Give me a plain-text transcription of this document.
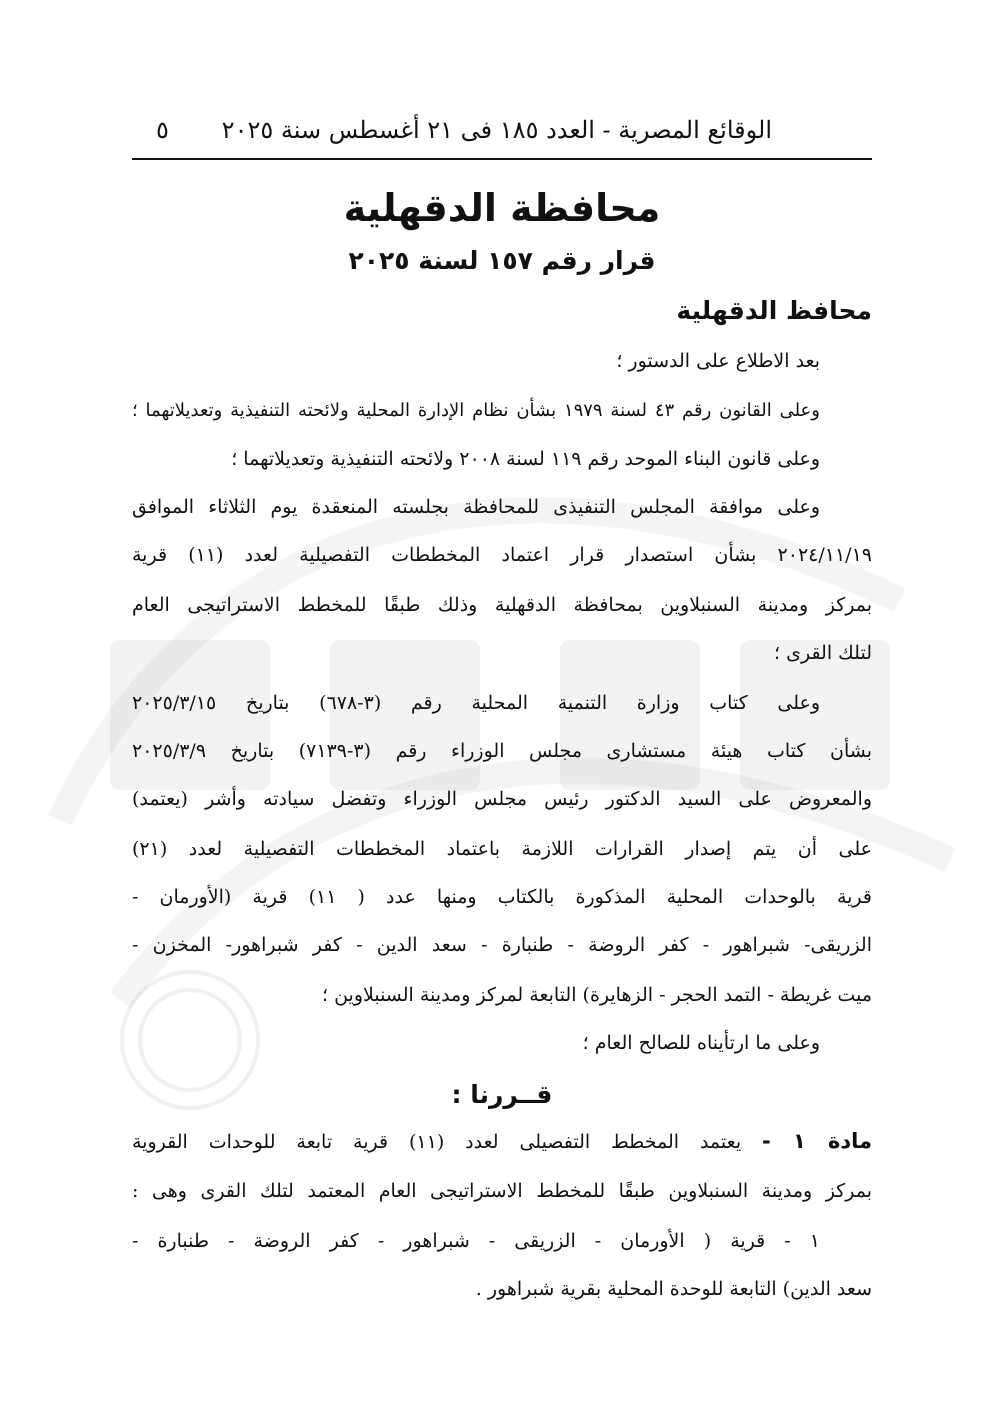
الوقائع المصرية - العدد ١٨٥ فى ٢١ أغسطس سنة ٢٠٢٥
٥
محافظة الدقهلية
قرار رقم ١٥٧ لسنة ٢٠٢٥
محافظ الدقهلية
بعد الاطلاع على الدستور ؛
وعلى القانون رقم ٤٣ لسنة ١٩٧٩ بشأن نظام الإدارة المحلية ولائحته التنفيذية وتعديلاتهما ؛
وعلى قانون البناء الموحد رقم ١١٩ لسنة ٢٠٠٨ ولائحته التنفيذية وتعديلاتهما ؛
وعلى موافقة المجلس التنفيذى للمحافظة بجلسته المنعقدة يوم الثلاثاء الموافق
٢٠٢٤/١١/١٩ بشأن استصدار قرار اعتماد المخططات التفصيلية لعدد (١١) قرية
بمركز ومدينة السنبلاوين بمحافظة الدقهلية وذلك طبقًا للمخطط الاستراتيجى العام
لتلك القرى ؛
وعلى كتاب وزارة التنمية المحلية رقم (٣-٦٧٨) بتاريخ ٢٠٢٥/٣/١٥
بشأن كتاب هيئة مستشارى مجلس الوزراء رقم (٣-٧١٣٩) بتاريخ ٢٠٢٥/٣/٩
والمعروض على السيد الدكتور رئيس مجلس الوزراء وتفضل سيادته وأشر (يعتمد)
على أن يتم إصدار القرارات اللازمة باعتماد المخططات التفصيلية لعدد (٢١)
قرية بالوحدات المحلية المذكورة بالكتاب ومنها عدد ( ١١) قرية (الأورمان -
الزريقى- شبراهور - كفر الروضة - طنبارة - سعد الدين - كفر شبراهور- المخزن -
ميت غريطة - التمد الحجر - الزهايرة) التابعة لمركز ومدينة السنبلاوين ؛
وعلى ما ارتأيناه للصالح العام ؛
قــررنا :
مادة ١ - يعتمد المخطط التفصيلى لعدد (١١) قرية تابعة للوحدات القروية
بمركز ومدينة السنبلاوين طبقًا للمخطط الاستراتيجى العام المعتمد لتلك القرى وهى :
١ - قرية ( الأورمان - الزريقى - شبراهور - كفر الروضة - طنبارة -
سعد الدين) التابعة للوحدة المحلية بقرية شبراهور .
